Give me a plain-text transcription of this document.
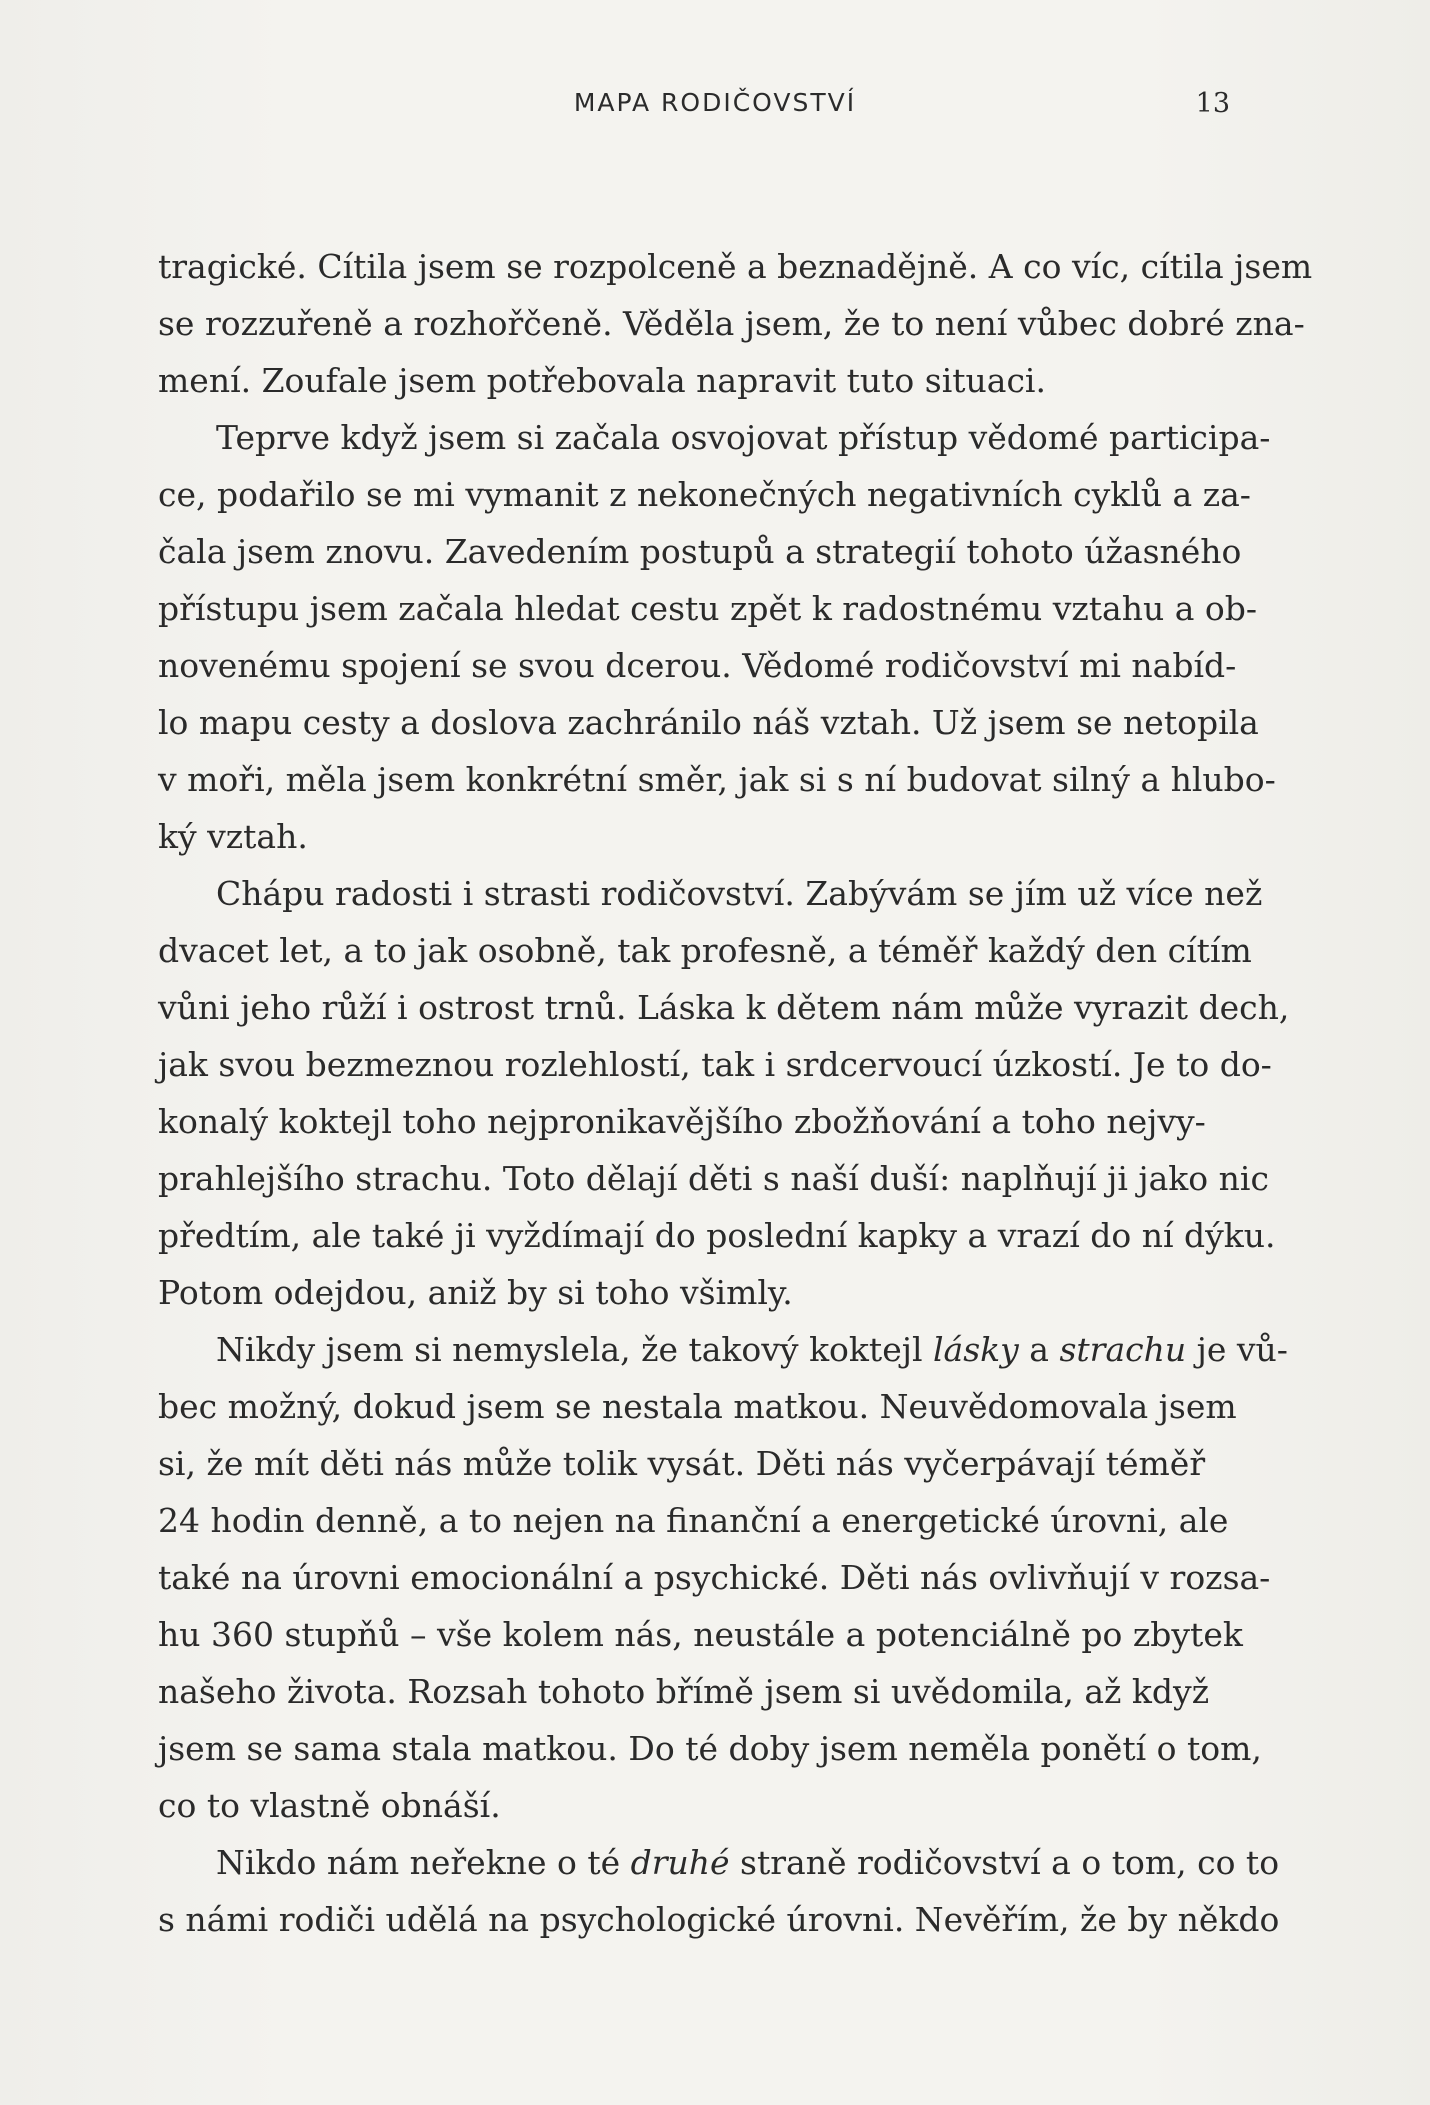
MAPA RODIČOVSTVÍ	13
tragické. Cítila jsem se rozpolceně a beznadějně. A co víc, cítila jsem
se rozzuřeně a rozhořčeně. Věděla jsem, že to není vůbec dobré zna-
mení. Zoufale jsem potřebovala napravit tuto situaci.
Teprve když jsem si začala osvojovat přístup vědomé participa-
ce, podařilo se mi vymanit z nekonečných negativních cyklů a za-
čala jsem znovu. Zavedením postupů a strategií tohoto úžasného
přístupu jsem začala hledat cestu zpět k radostnému vztahu a ob-
novenému spojení se svou dcerou. Vědomé rodičovství mi nabíd-
lo mapu cesty a doslova zachránilo náš vztah. Už jsem se netopila
v moři, měla jsem konkrétní směr, jak si s ní budovat silný a hlubo-
ký vztah.
Chápu radosti i strasti rodičovství. Zabývám se jím už více než
dvacet let, a to jak osobně, tak profesně, a téměř každý den cítím
vůni jeho růží i ostrost trnů. Láska k dětem nám může vyrazit dech,
jak svou bezmeznou rozlehlostí, tak i srdcervoucí úzkostí. Je to do-
konalý koktejl toho nejpronikavějšího zbožňování a toho nejvy-
prahlejšího strachu. Toto dělají děti s naší duší: naplňují ji jako nic
předtím, ale také ji vyždímají do poslední kapky a vrazí do ní dýku.
Potom odejdou, aniž by si toho všimly.
Nikdy jsem si nemyslela, že takový koktejl lásky a strachu je vů-
bec možný, dokud jsem se nestala matkou. Neuvědomovala jsem
si, že mít děti nás může tolik vysát. Děti nás vyčerpávají téměř
24 hodin denně, a to nejen na finanční a energetické úrovni, ale
také na úrovni emocionální a psychické. Děti nás ovlivňují v rozsa-
hu 360 stupňů – vše kolem nás, neustále a potenciálně po zbytek
našeho života. Rozsah tohoto břímě jsem si uvědomila, až když
jsem se sama stala matkou. Do té doby jsem neměla ponětí o tom,
co to vlastně obnáší.
Nikdo nám neřekne o té druhé straně rodičovství a o tom, co to
s námi rodiči udělá na psychologické úrovni. Nevěřím, že by někdo
